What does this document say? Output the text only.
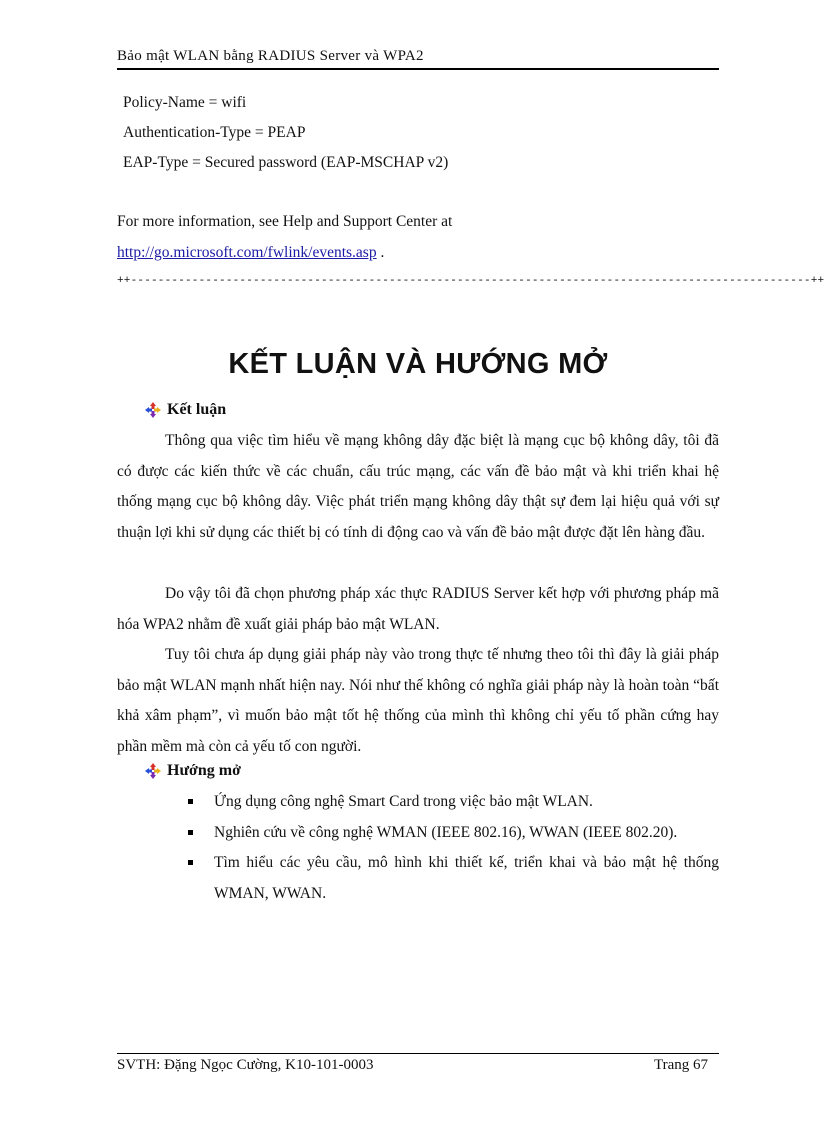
Bảo mật WLAN bằng RADIUS Server và WPA2
Policy-Name = wifi
Authentication-Type = PEAP
EAP-Type = Secured password (EAP-MSCHAP v2)
For more information, see Help and Support Center at
http://go.microsoft.com/fwlink/events.asp .
++----------------------------------------------------------------------------------------------------++
KẾT LUẬN VÀ HƯỚNG MỞ
Kết luận

Thông qua việc tìm hiểu về mạng không dây đặc biệt là mạng cục bộ không dây, tôi đã có được các kiến thức về các chuẩn, cấu trúc mạng, các vấn đề bảo mật và khi triển khai hệ thống mạng cục bộ không dây. Việc phát triển mạng không dây thật sự đem lại hiệu quả với sự thuận lợi khi sử dụng các thiết bị có tính di động cao và vấn đề bảo mật được đặt lên hàng đầu.

Do vậy tôi đã chọn phương pháp xác thực RADIUS Server kết hợp với phương pháp mã hóa WPA2 nhằm đề xuất giải pháp bảo mật WLAN.

Tuy tôi chưa áp dụng giải pháp này vào trong thực tế nhưng theo tôi thì đây là giải pháp bảo mật WLAN mạnh nhất hiện nay. Nói như thế không có nghĩa giải pháp này là hoàn toàn “bất khả xâm phạm”, vì muốn bảo mật tốt hệ thống của mình thì không chỉ yếu tố phần cứng hay phần mềm mà còn cả yếu tố con người.

Hướng mở
Ứng dụng công nghệ Smart Card trong việc bảo mật WLAN.
Nghiên cứu về công nghệ WMAN (IEEE 802.16), WWAN (IEEE 802.20).
Tìm hiểu các yêu cầu, mô hình khi thiết kế, triển khai và bảo mật hệ thống WMAN, WWAN.
SVTH: Đặng Ngọc Cường, K10-101-0003	Trang 67
